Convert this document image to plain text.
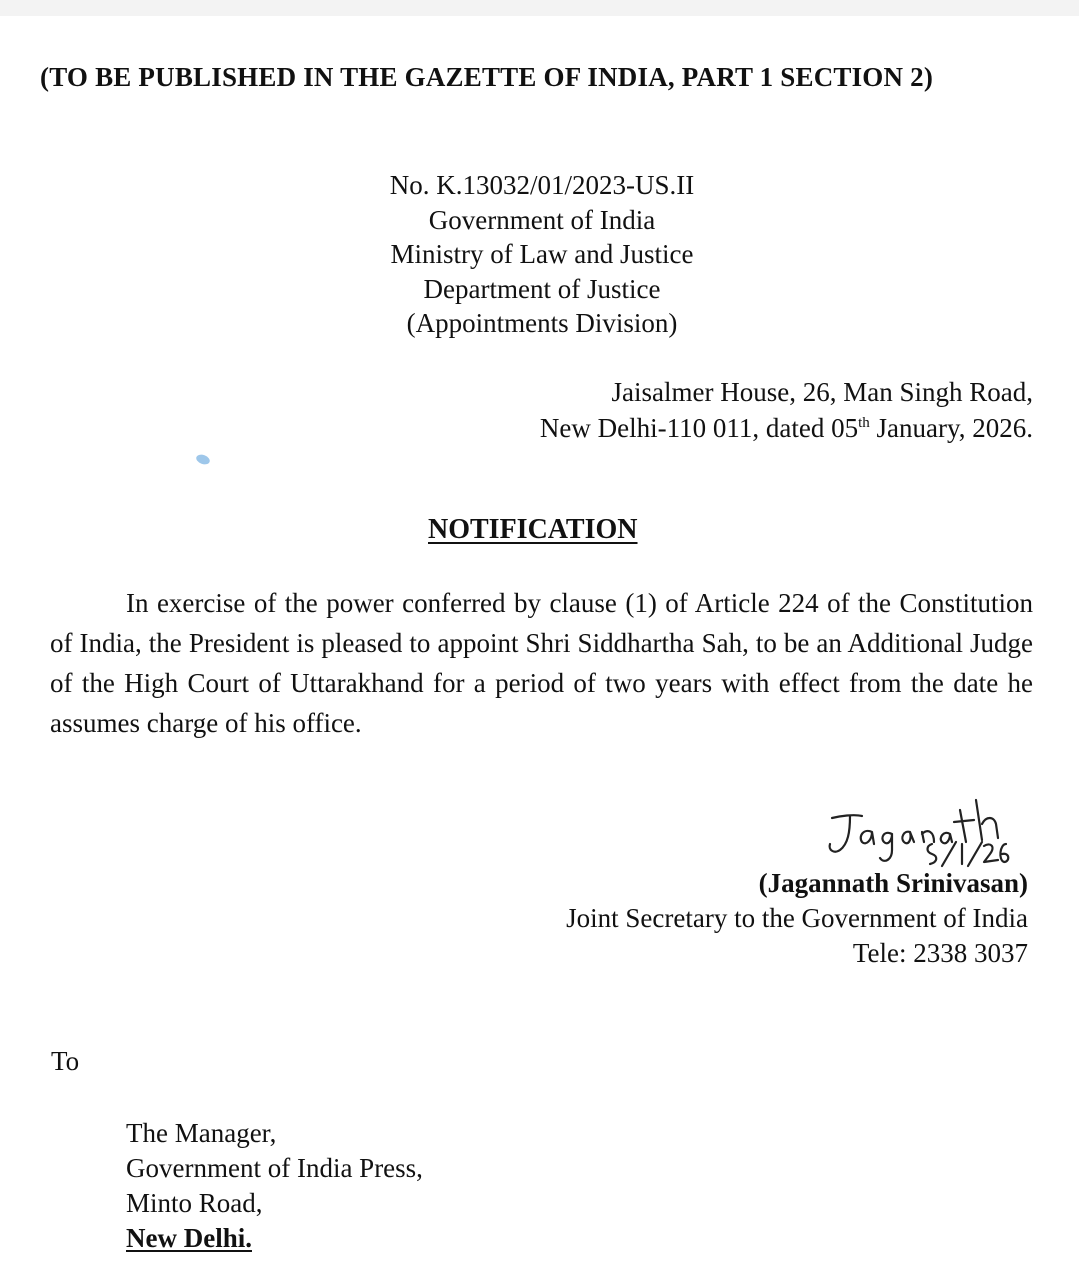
(TO BE PUBLISHED IN THE GAZETTE OF INDIA, PART 1 SECTION 2)
No. K.13032/01/2023-US.II
Government of India
Ministry of Law and Justice
Department of Justice
(Appointments Division)
Jaisalmer House, 26, Man Singh Road,
New Delhi-110 011, dated 05th January, 2026.
NOTIFICATION
In exercise of the power conferred by clause (1) of Article 224 of the Constitution of India, the President is pleased to appoint Shri Siddhartha Sah, to be an Additional Judge of the High Court of Uttarakhand for a period of two years with effect from the date he assumes charge of his office.
(Jagannath Srinivasan)
Joint Secretary to the Government of India
Tele: 2338 3037
To
The Manager,
Government of India Press,
Minto Road,
New Delhi.
